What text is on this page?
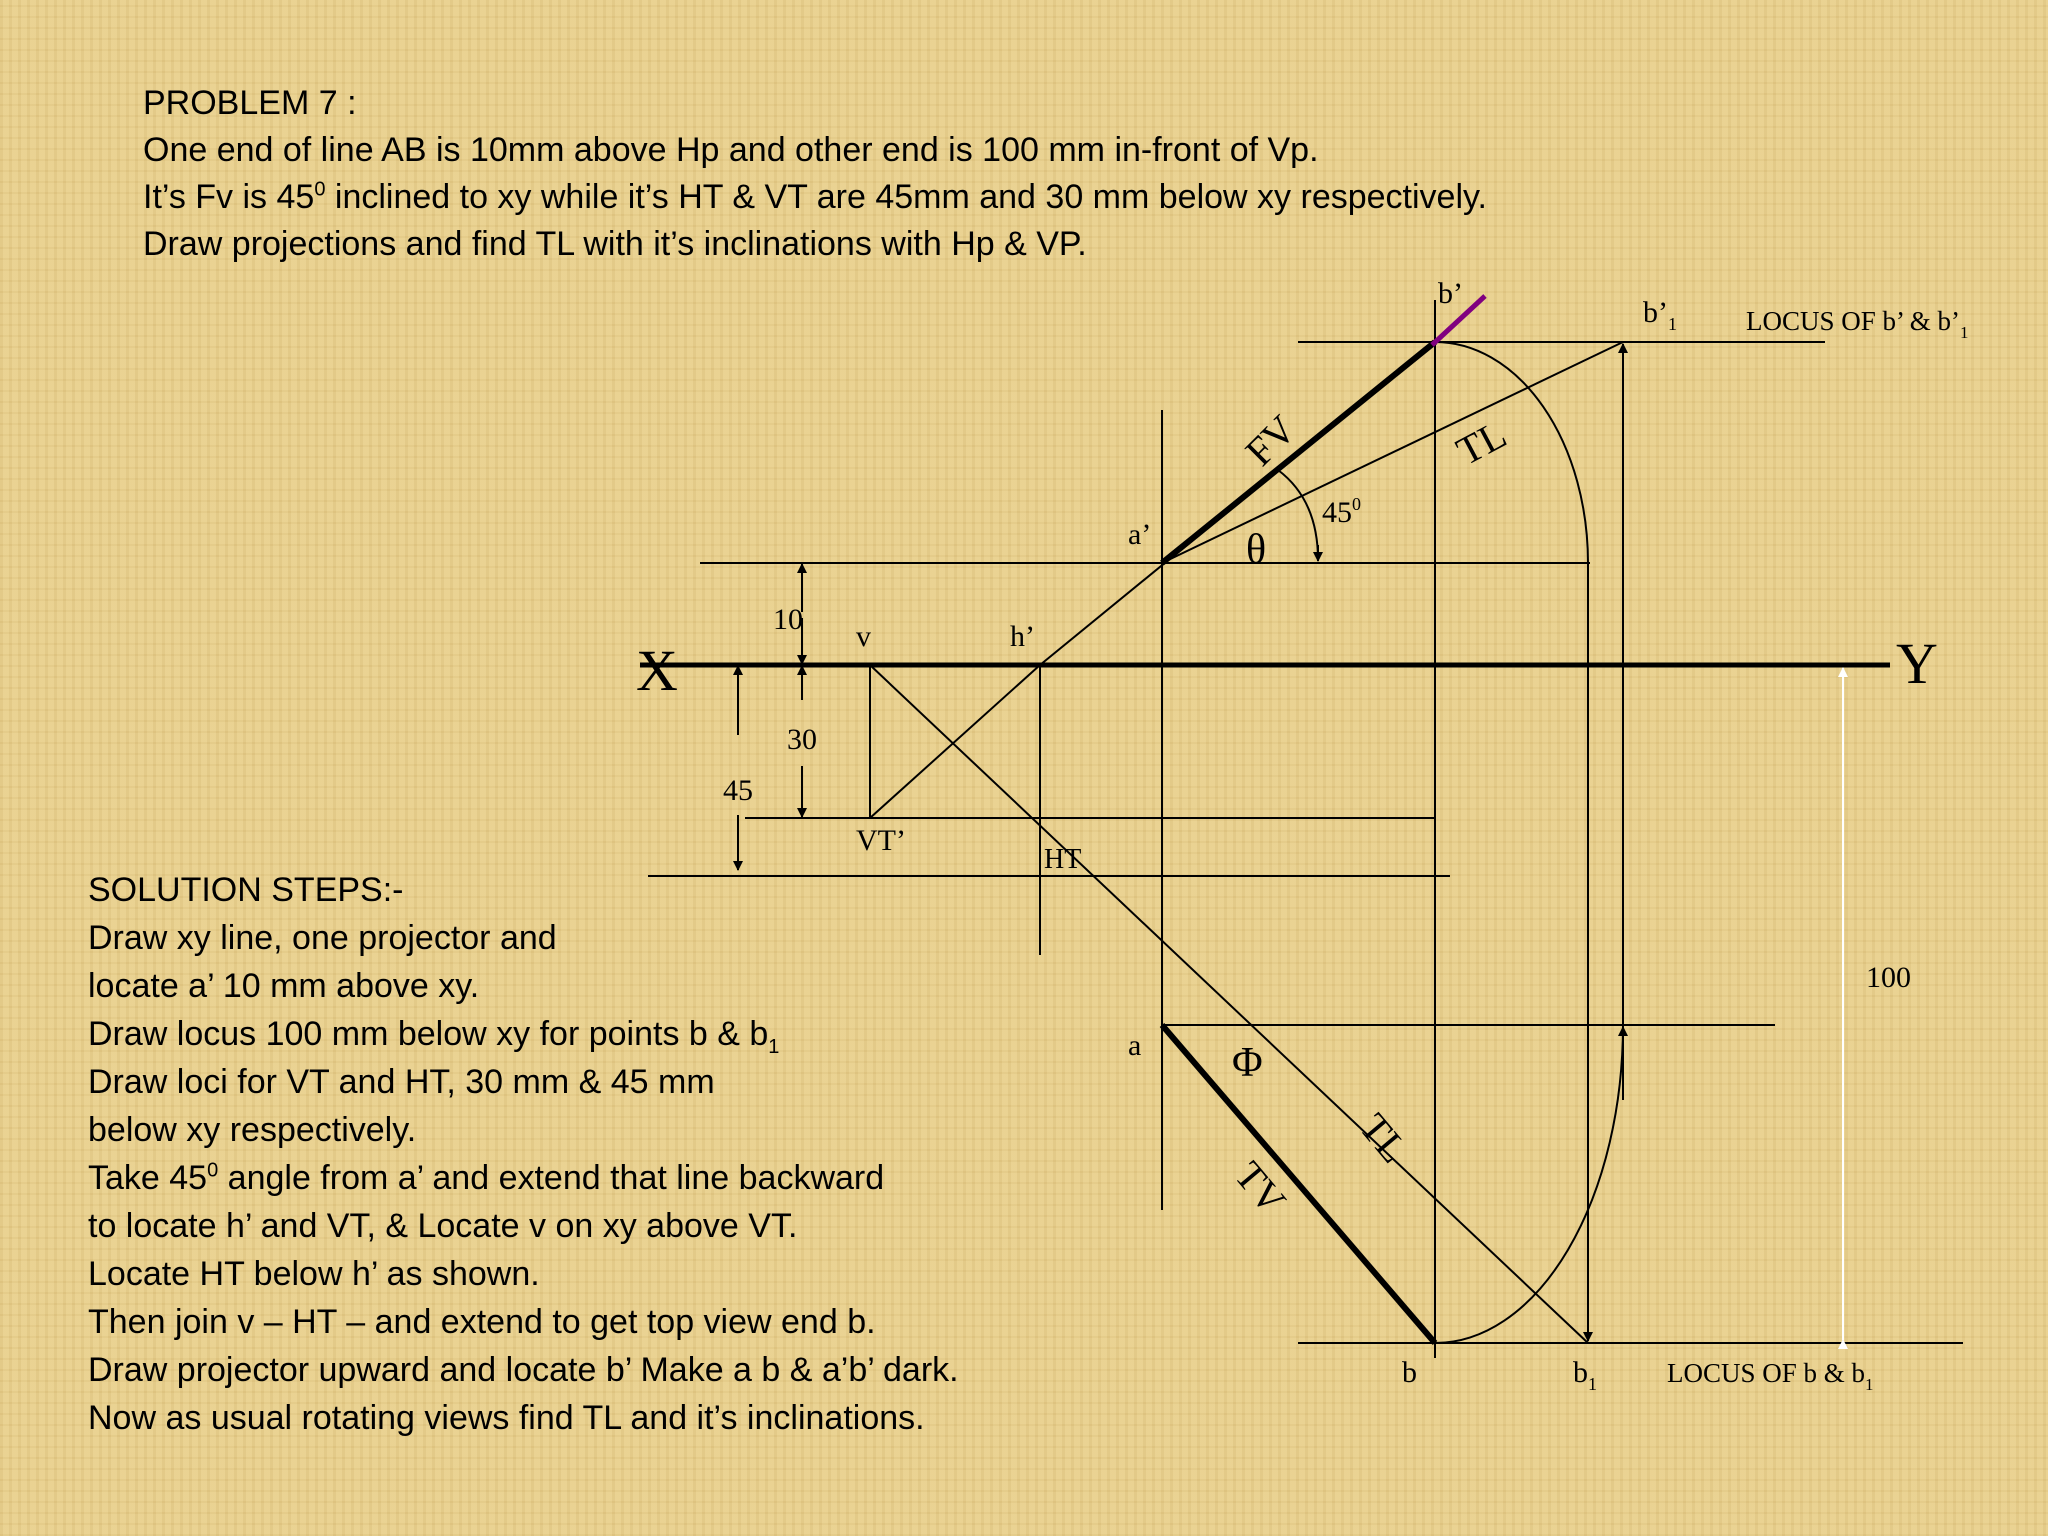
PROBLEM 7 :
One end of line AB is 10mm above Hp and other end is 100 mm in-front of Vp.
It’s Fv is $45^0$ inclined to xy while it’s HT & VT are 45mm and 30 mm below xy respectively.
Draw projections and find TL with it’s inclinations with Hp & VP.
SOLUTION STEPS:-
Draw xy line, one projector and
locate a’ 10 mm above xy.
Draw locus 100 mm below xy for points b & $b_1$
Draw loci for VT and HT, 30 mm & 45 mm
below xy respectively.
Take $45^0$ angle from a’ and extend that line backward
to locate h’ and VT, & Locate v on xy above VT.
Locate HT below h’ as shown.
Then join v – HT – and extend to get top view end b.
Draw projector upward and locate b’ Make a b & a’b’ dark.
Now as usual rotating views find TL and it’s inclinations.
X	Y
b’
$b’_1$	LOCUS OF b’ & $b’_1$
FV	TL
a’
$45^0$
θ
10
v	h’
30
45
VT’
HT
100
a Φ
TL
TV
b	$b_1$	LOCUS OF b & $b_1$
